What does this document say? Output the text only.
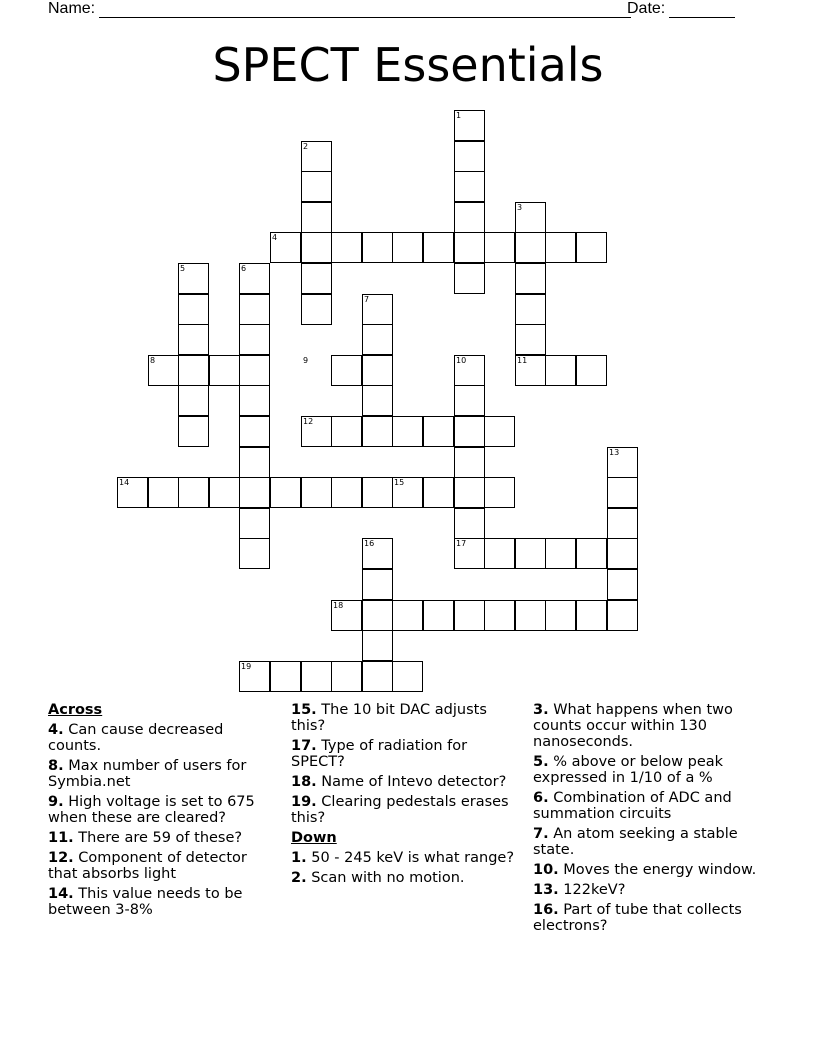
Name:	Date:
SPECT Essentials
1
2
3
4
5	6
7
8	9	10	11
12
13
14	15
16	17
18
19
Across
4. Can cause decreased counts.
8. Max number of users for Symbia.net
9. High voltage is set to 675 when these are cleared?
11. There are 59 of these?
12. Component of detector that absorbs light
14. This value needs to be between 3-8%
15. The 10 bit DAC adjusts this?
17. Type of radiation for SPECT?
18. Name of Intevo detector?
19. Clearing pedestals erases this?
Down
1. 50 - 245 keV is what range?
2. Scan with no motion.
3. What happens when two counts occur within 130 nanoseconds.
5. % above or below peak expressed in 1/10 of a %
6. Combination of ADC and summation circuits
7. An atom seeking a stable state.
10. Moves the energy window.
13. 122keV?
16. Part of tube that collects electrons?
